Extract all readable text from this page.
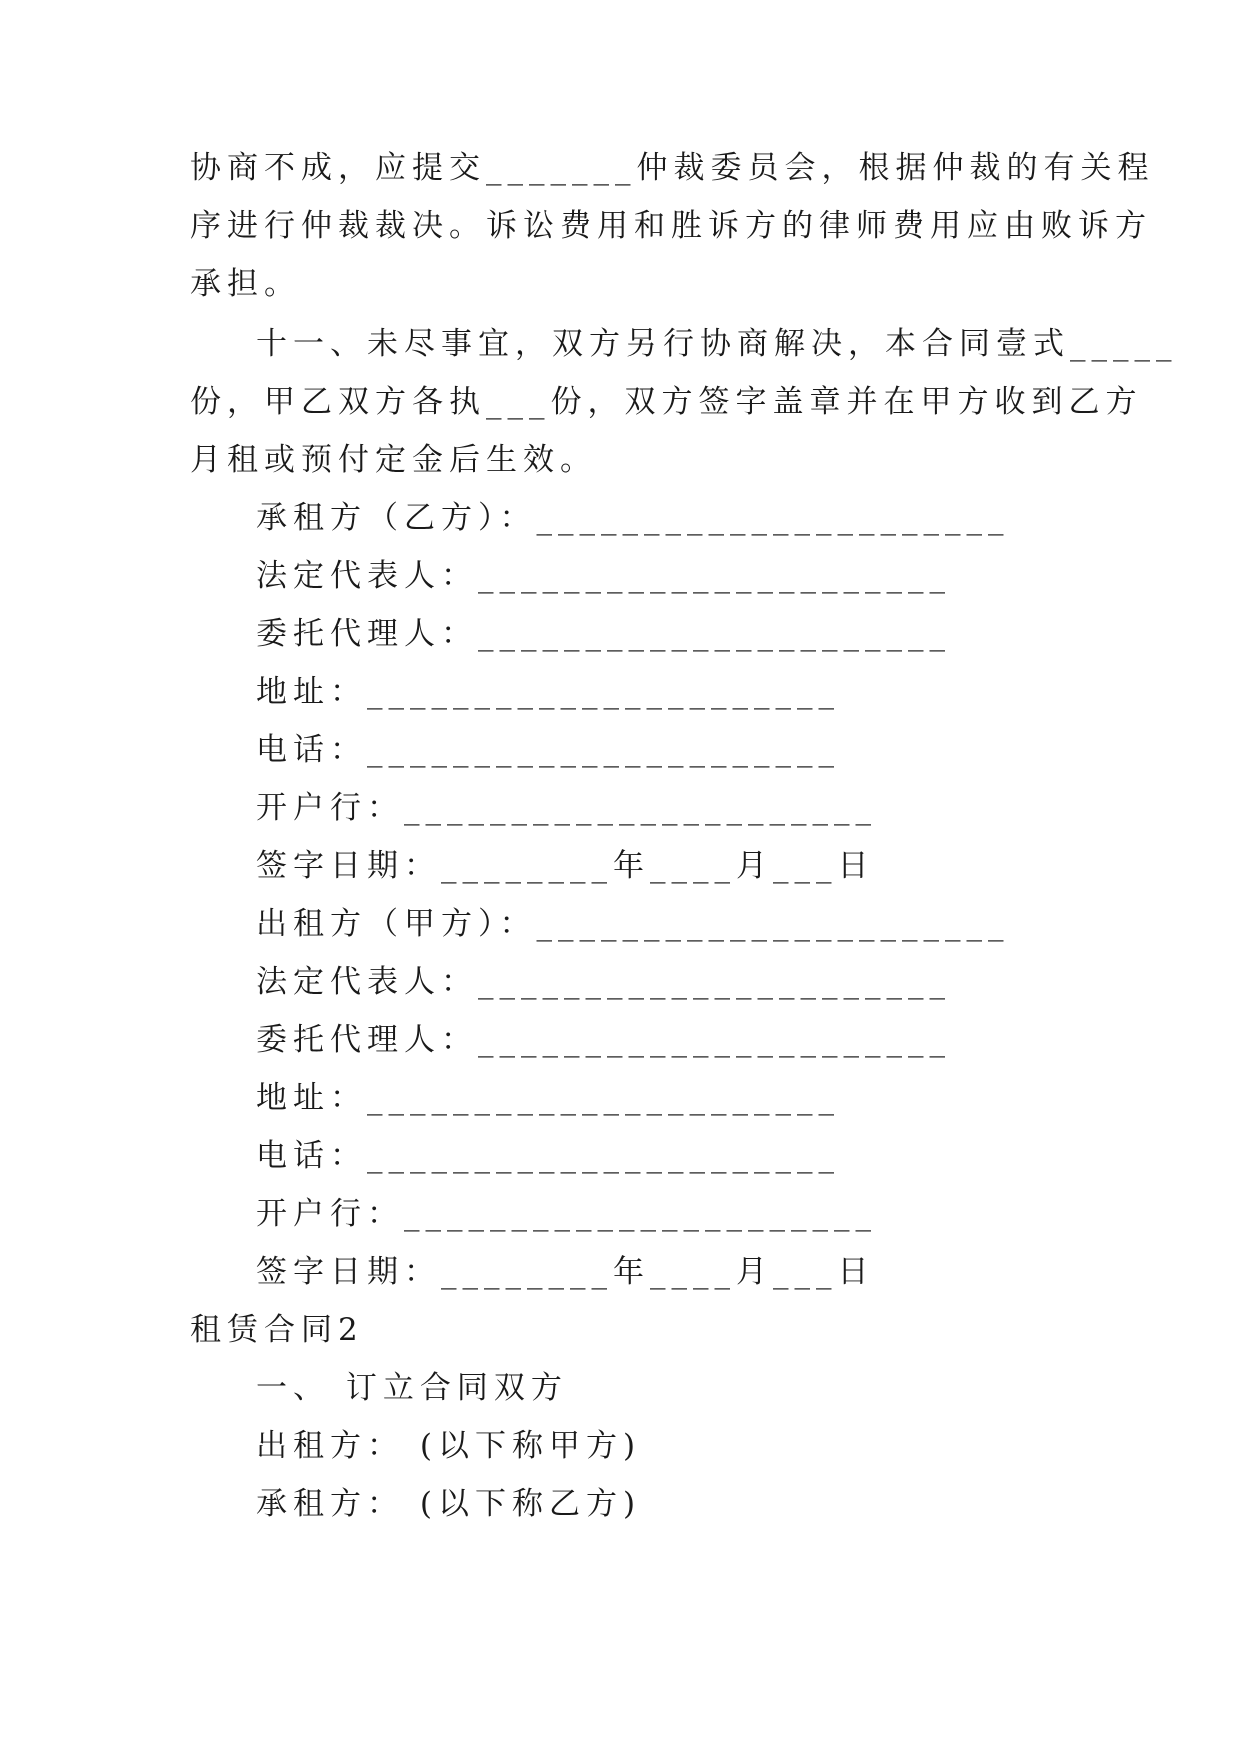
协商不成，应提交_______仲裁委员会，根据仲裁的有关程
序进行仲裁裁决。诉讼费用和胜诉方的律师费用应由败诉方
承担。
十一、未尽事宜，双方另行协商解决，本合同壹式_____
份，甲乙双方各执___份，双方签字盖章并在甲方收到乙方
月租或预付定金后生效。
承租方（乙方）：______________________
法定代表人：______________________
委托代理人：______________________
地址：______________________
电话：______________________
开户行：______________________
签字日期：________年____月___日
出租方（甲方）：______________________
法定代表人：______________________
委托代理人：______________________
地址：______________________
电话：______________________
开户行：______________________
签字日期：________年____月___日
租赁合同2
一、 订立合同双方
出租方： (以下称甲方)
承租方： (以下称乙方)
